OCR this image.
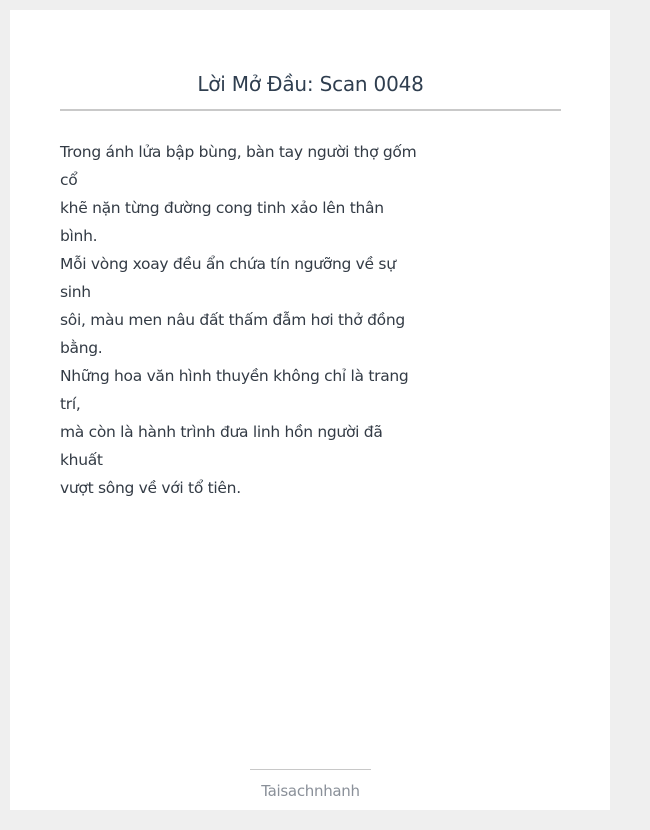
Lời Mở Đầu: Scan 0048
Trong ánh lửa bập bùng, bàn tay người thợ gốm
cổ
khẽ nặn từng đường cong tinh xảo lên thân
bình.
Mỗi vòng xoay đều ẩn chứa tín ngưỡng về sự
sinh
sôi, màu men nâu đất thấm đẫm hơi thở đồng
bằng.
Những hoa văn hình thuyền không chỉ là trang
trí,
mà còn là hành trình đưa linh hồn người đã
khuất
vượt sông về với tổ tiên.
Taisachnhanh
